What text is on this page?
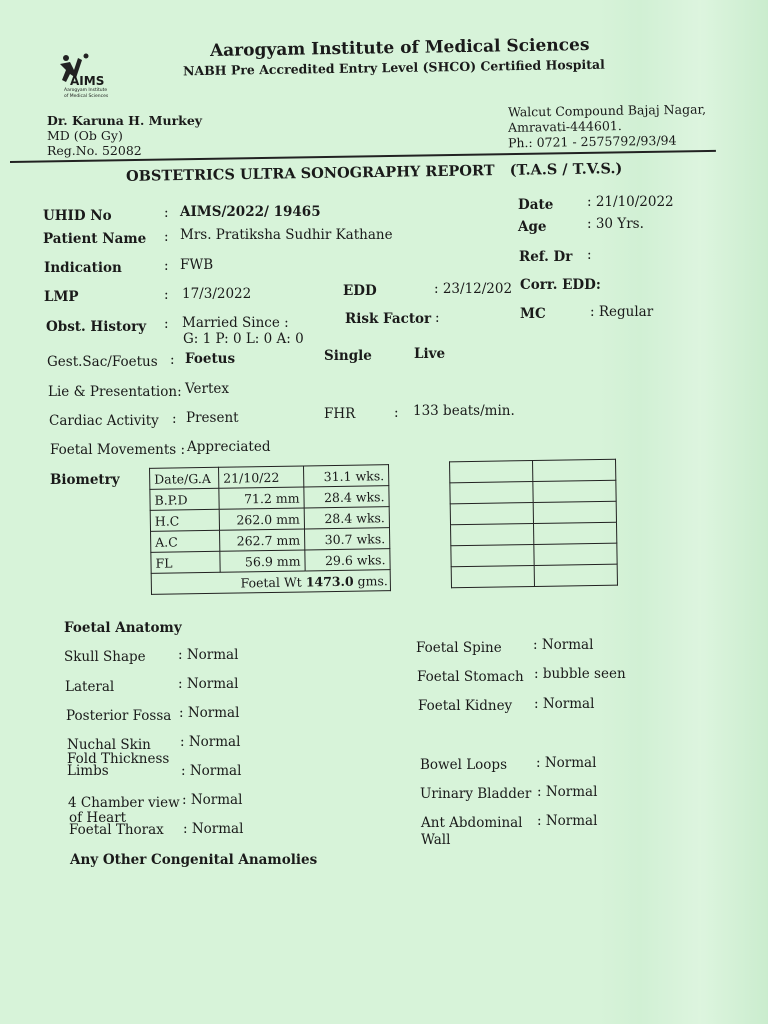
AIMS
Aarogyam Institute
of Medical Sciences
Aarogyam Institute of Medical Sciences
NABH Pre Accredited Entry Level (SHCO) Certified Hospital
Dr. Karuna H. Murkey
MD (Ob Gy)
Reg.No. 52082
Walcut Compound Bajaj Nagar,
Amravati-444601.
Ph.: 0721 - 2575792/93/94
OBSTETRICS ULTRA SONOGRAPHY REPORT (T.A.S / T.V.S.)
UHID No	: AIMS/2022/ 19465
Patient Name : Mrs. Pratiksha Sudhir Kathane
Indication	: FWB
LMP	: 17/3/2022	EDD	: 23/12/202
Obst. History : Married Since :
G: 1 P: 0 L: 0 A: 0
Risk Factor :
Date : 21/10/2022
Age	: 30 Yrs.
Ref. Dr :
Corr. EDD:
MC	: Regular
Gest.Sac/Foetus : Foetus	Single	Live
Lie & Presentation: Vertex
Cardiac Activity : Present	FHR	: 133 beats/min.
Foetal Movements : Appreciated
Biometry	Date/G.A	21/10/22	31.1 wks.
B.P.D	71.2 mm	28.4 wks.
H.C	262.0 mm	28.4 wks.
A.C	262.7 mm	30.7 wks.
FL	56.9 mm	29.6 wks.
Foetal Wt 1473.0 gms.		

Foetal Anatomy
Skull Shape : Normal
Lateral	: Normal
Posterior Fossa : Normal
Nuchal Skin : Normal
Fold Thickness
Limbs	: Normal
4 Chamber view : Normal
of Heart
Foetal Thorax : Normal
Any Other Congenital Anamolies
Foetal Spine : Normal
Foetal Stomach : bubble seen
Foetal Kidney : Normal
Bowel Loops : Normal
Urinary Bladder : Normal
Ant Abdominal
Wall
: Normal
